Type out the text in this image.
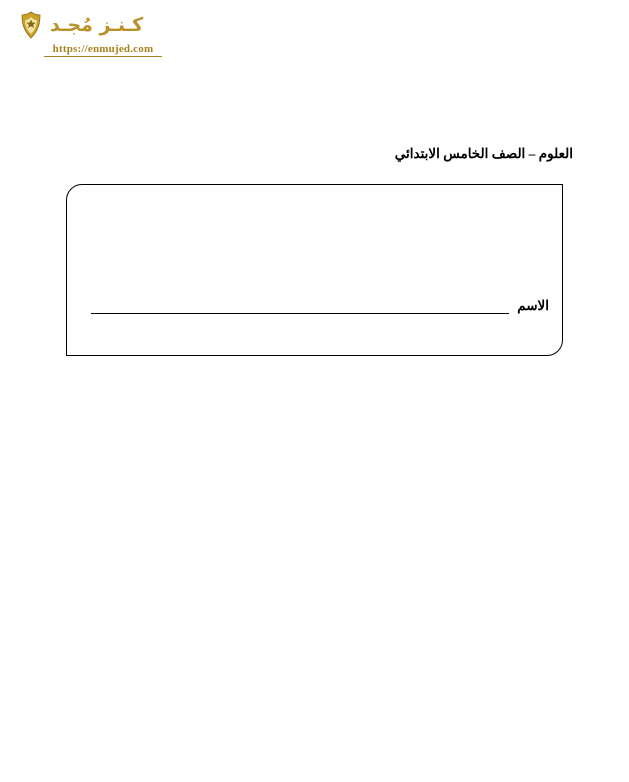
كـنـز مُجـد
https://enmujed.com
العلوم – الصف الخامس الابتدائي
الاسم
